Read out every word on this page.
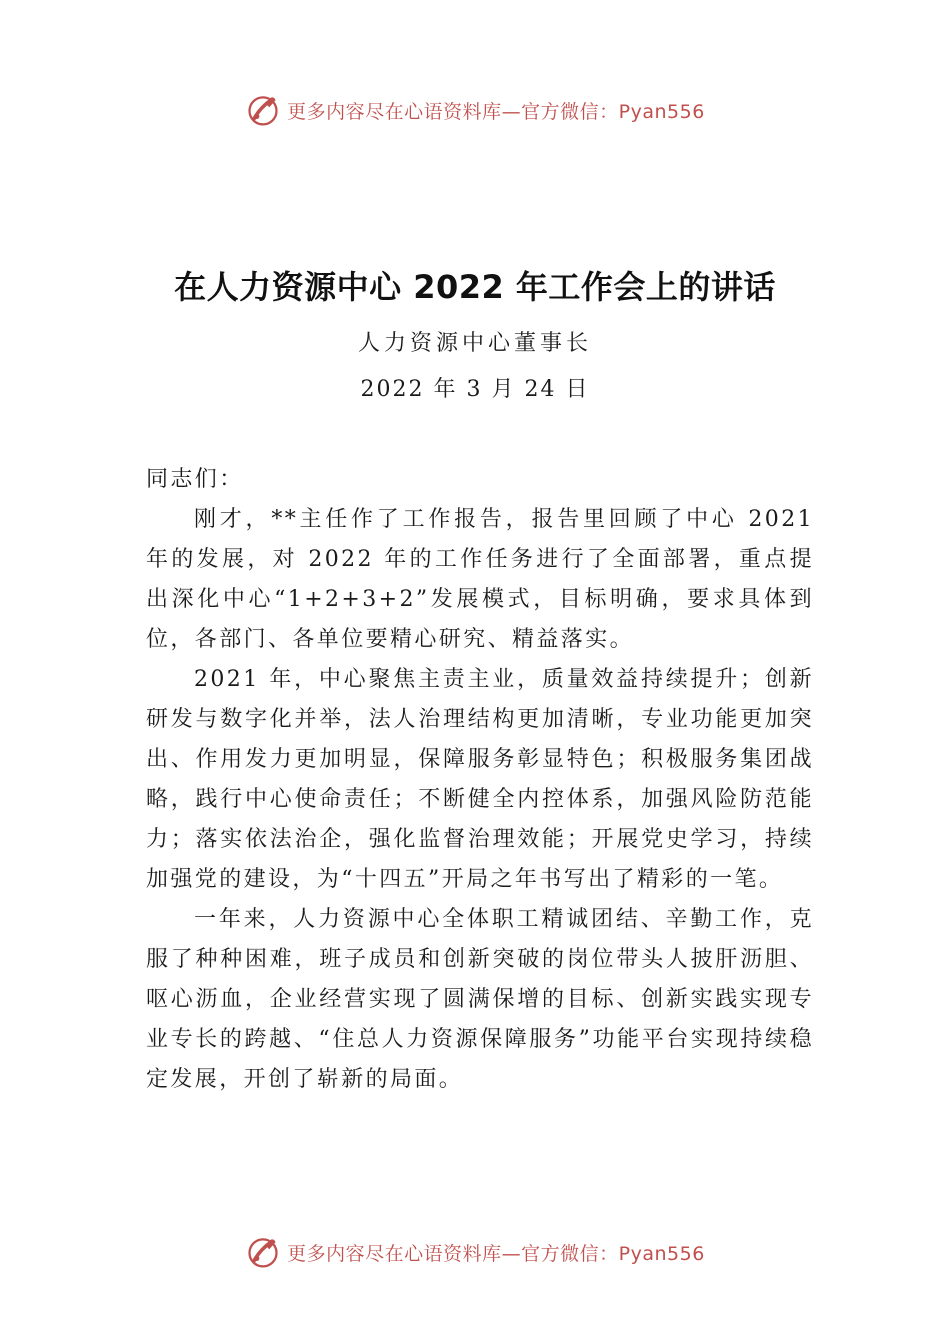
更多内容尽在心语资料库—官方微信：Pyan556
在人力资源中心 2022 年工作会上的讲话

人力资源中心董事长

2022 年 3 月 24 日

同志们：

刚才，**主任作了工作报告，报告里回顾了中心 2021 年的发展，对 2022 年的工作任务进行了全面部署，重点提出深化中心“1+2+3+2”发展模式，目标明确，要求具体到位，各部门、各单位要精心研究、精益落实。

2021 年，中心聚焦主责主业，质量效益持续提升；创新研发与数字化并举，法人治理结构更加清晰，专业功能更加突出、作用发力更加明显，保障服务彰显特色；积极服务集团战略，践行中心使命责任；不断健全内控体系，加强风险防范能力；落实依法治企，强化监督治理效能；开展党史学习，持续加强党的建设，为“十四五”开局之年书写出了精彩的一笔。

一年来，人力资源中心全体职工精诚团结、辛勤工作，克服了种种困难，班子成员和创新突破的岗位带头人披肝沥胆、呕心沥血，企业经营实现了圆满保增的目标、创新实践实现专业专长的跨越、“住总人力资源保障服务”功能平台实现持续稳定发展，开创了崭新的局面。

更多内容尽在心语资料库—官方微信：Pyan556
